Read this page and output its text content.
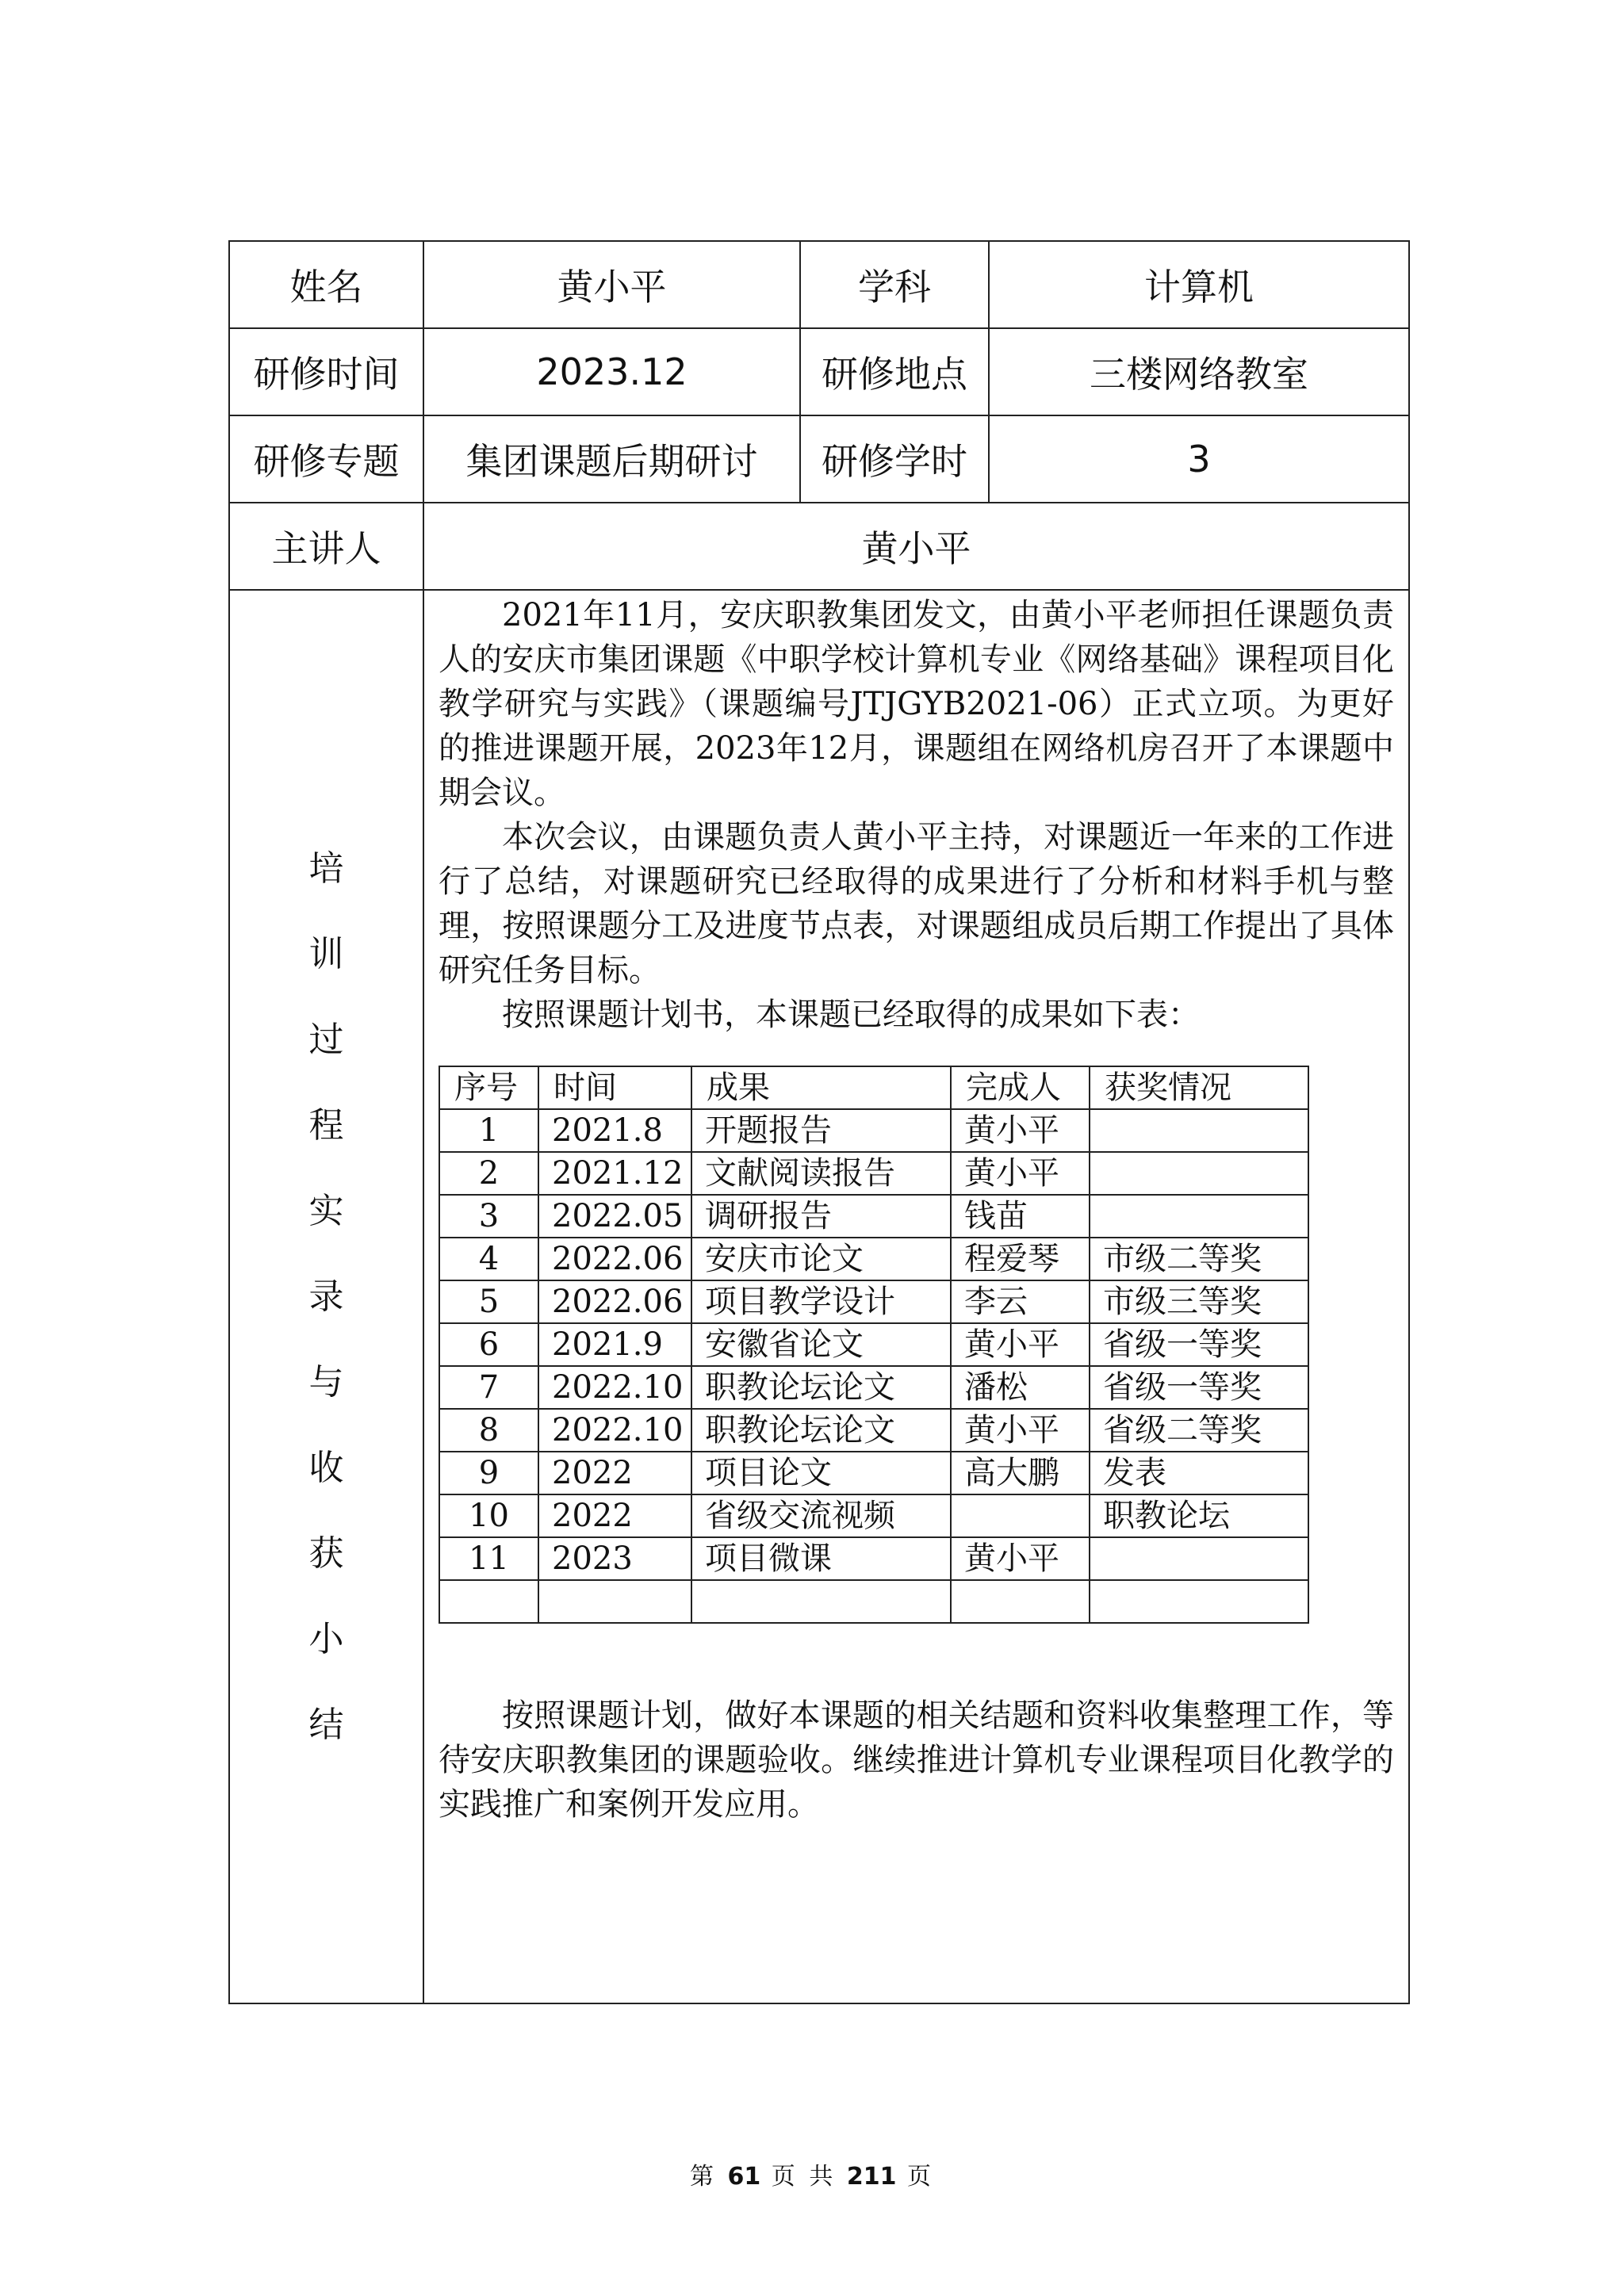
姓名	黄小平	学科	计算机
研修时间	2023.12	研修地点	三楼网络教室
研修专题	集团课题后期研讨	研修学时	3
主讲人	黄小平

培
训
过
程
实
录
与
收
获
小
结

2021年11月，安庆职教集团发文，由黄小平老师担任课题负责人的安庆市集团课题《中职学校计算机专业《网络基础》课程项目化教学研究与实践》（课题编号JTJGYB2021-06）正式立项。为更好的推进课题开展，2023年12月，课题组在网络机房召开了本课题中期会议。

本次会议，由课题负责人黄小平主持，对课题近一年来的工作进行了总结，对课题研究已经取得的成果进行了分析和材料手机与整理，按照课题分工及进度节点表，对课题组成员后期工作提出了具体研究任务目标。

按照课题计划书，本课题已经取得的成果如下表：

序号	时间	成果	完成人	获奖情况
1	2021.8	开题报告	黄小平	
2	2021.12	文献阅读报告	黄小平	
3	2022.05	调研报告	钱苗	
4	2022.06	安庆市论文	程爱琴	市级二等奖
5	2022.06	项目教学设计	李云	市级三等奖
6	2021.9	安徽省论文	黄小平	省级一等奖
7	2022.10	职教论坛论文	潘松	省级一等奖
8	2022.10	职教论坛论文	黄小平	省级二等奖
9	2022	项目论文	高大鹏	发表
10	2022	省级交流视频		职教论坛
11	2023	项目微课	黄小平	

按照课题计划，做好本课题的相关结题和资料收集整理工作，等待安庆职教集团的课题验收。继续推进计算机专业课程项目化教学的实践推广和案例开发应用。

第 61 页 共 211 页
